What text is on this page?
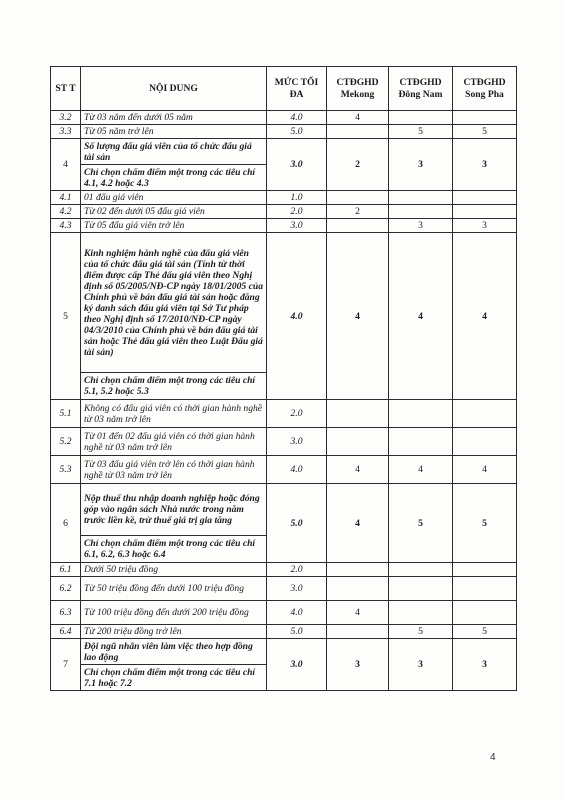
ST T	NỘI DUNG	MỨC TỐI ĐA	CTĐGHD Mekong	CTĐGHD Đông Nam	CTĐGHD Song Pha
3.2	Từ 03 năm đến dưới 05 năm	4.0	4		
3.3	Từ 05 năm trở lên	5.0		5	5
4	Số lượng đấu giá viên của tổ chức đấu giá tài sản	3.0	2	3	3
	Chỉ chọn chấm điểm một trong các tiêu chí 4.1, 4.2 hoặc 4.3				
4.1	01 đấu giá viên	1.0			
4.2	Từ 02 đến dưới 05 đấu giá viên	2.0	2		
4.3	Từ 05 đấu giá viên trở lên	3.0		3	3
5	Kinh nghiệm hành nghề của đấu giá viên của tổ chức đấu giá tài sản (Tính từ thời điểm được cấp Thẻ đấu giá viên theo Nghị định số 05/2005/NĐ-CP ngày 18/01/2005 của Chính phủ về bán đấu giá tài sản hoặc đăng ký danh sách đấu giá viên tại Sở Tư pháp theo Nghị định số 17/2010/NĐ-CP ngày 04/3/2010 của Chính phủ về bán đấu giá tài sản hoặc Thẻ đấu giá viên theo Luật Đấu giá tài sản)	4.0	4	4	4
	Chỉ chọn chấm điểm một trong các tiêu chí 5.1, 5.2 hoặc 5.3				
5.1	Không có đấu giá viên có thời gian hành nghề từ 03 năm trở lên	2.0			
5.2	Từ 01 đến 02 đấu giá viên có thời gian hành nghề từ 03 năm trở lên	3.0			
5.3	Từ 03 đấu giá viên trở lên có thời gian hành nghề từ 03 năm trở lên	4.0	4	4	4
6	Nộp thuế thu nhập doanh nghiệp hoặc đóng góp vào ngân sách Nhà nước trong năm trước liền kề, trừ thuế giá trị gia tăng	5.0	4	5	5
	Chỉ chọn chấm điểm một trong các tiêu chí 6.1, 6.2, 6.3 hoặc 6.4				
6.1	Dưới 50 triệu đồng	2.0			
6.2	Từ 50 triệu đồng đến dưới 100 triệu đồng	3.0			
6.3	Từ 100 triệu đồng đến dưới 200 triệu đồng	4.0	4		
6.4	Từ 200 triệu đồng trở lên	5.0		5	5
7	Đội ngũ nhân viên làm việc theo hợp đồng lao động	3.0	3	3	3
	Chỉ chọn chấm điểm một trong các tiêu chí 7.1 hoặc 7.2				
4
